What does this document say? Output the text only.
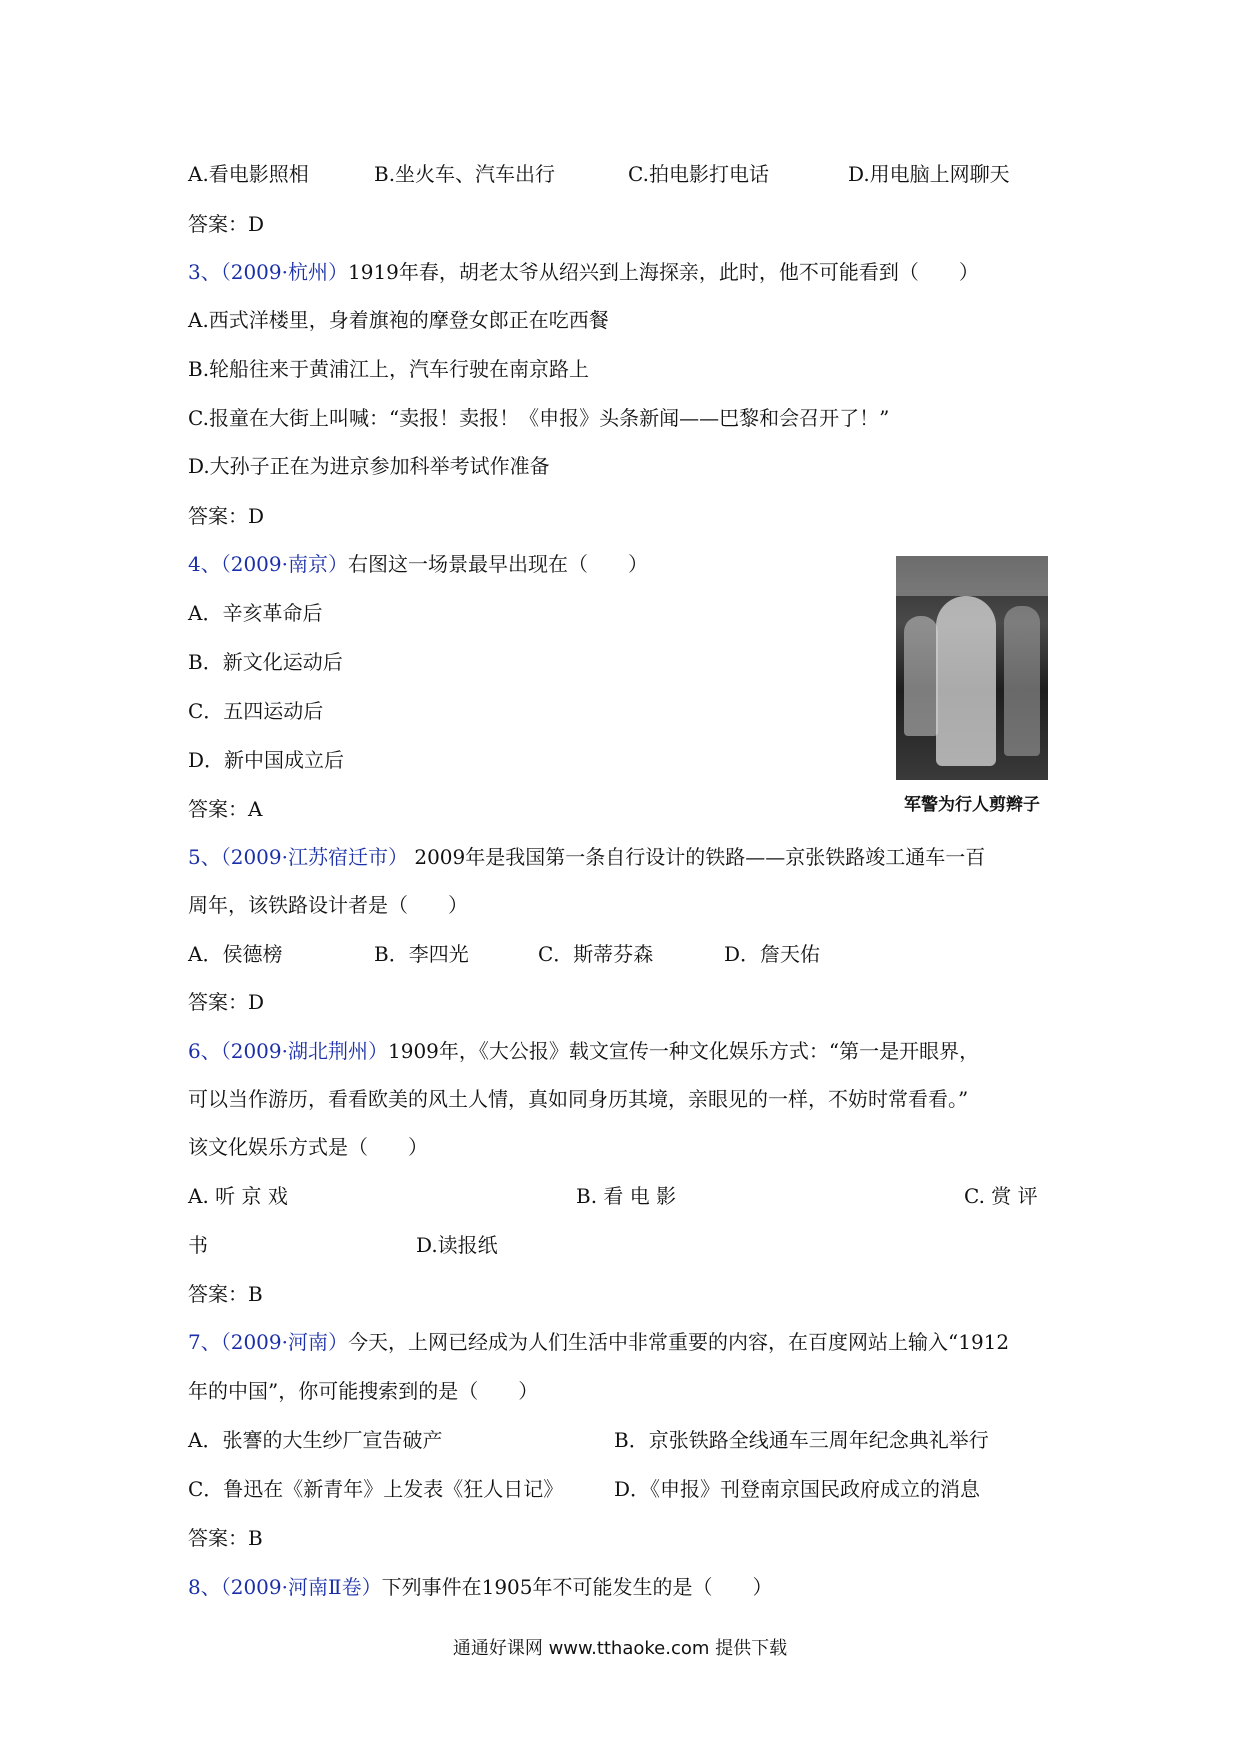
A.看电影照相	B.坐火车、汽车出行	C.拍电影打电话	D.用电脑上网聊天
答案：D
3、（2009·杭州）1919年春，胡老太爷从绍兴到上海探亲，此时，他不可能看到（　　）
A.西式洋楼里，身着旗袍的摩登女郎正在吃西餐
B.轮船往来于黄浦江上，汽车行驶在南京路上
C.报童在大街上叫喊：“卖报！卖报！《申报》头条新闻——巴黎和会召开了！”
D.大孙子正在为进京参加科举考试作准备
答案：D
4、（2009·南京）右图这一场景最早出现在（　　）
A．辛亥革命后
B．新文化运动后
C．五四运动后
D．新中国成立后
答案：A	军警为行人剪辫子
5、（2009·江苏宿迁市） 2009年是我国第一条自行设计的铁路——京张铁路竣工通车一百
周年，该铁路设计者是（　　）
A．侯德榜	B．李四光	C．斯蒂芬森	D．詹天佑
答案：D
6、（2009·湖北荆州）1909年，《大公报》载文宣传一种文化娱乐方式：“第一是开眼界，
可以当作游历，看看欧美的风土人情，真如同身历其境，亲眼见的一样，不妨时常看看。”
该文化娱乐方式是（　　）
A. 听 京 戏	B. 看 电 影	C. 赏 评
书	D.读报纸
答案：B
7、（2009·河南）今天，上网已经成为人们生活中非常重要的内容，在百度网站上输入“1912
年的中国”，你可能搜索到的是（　　）
A．张謇的大生纱厂宣告破产	B．京张铁路全线通车三周年纪念典礼举行
C．鲁迅在《新青年》上发表《狂人日记》	D．《申报》刊登南京国民政府成立的消息
答案：B
8、（2009·河南Ⅱ卷）下列事件在1905年不可能发生的是（　　）
通通好课网 www.tthaoke.com 提供下载
